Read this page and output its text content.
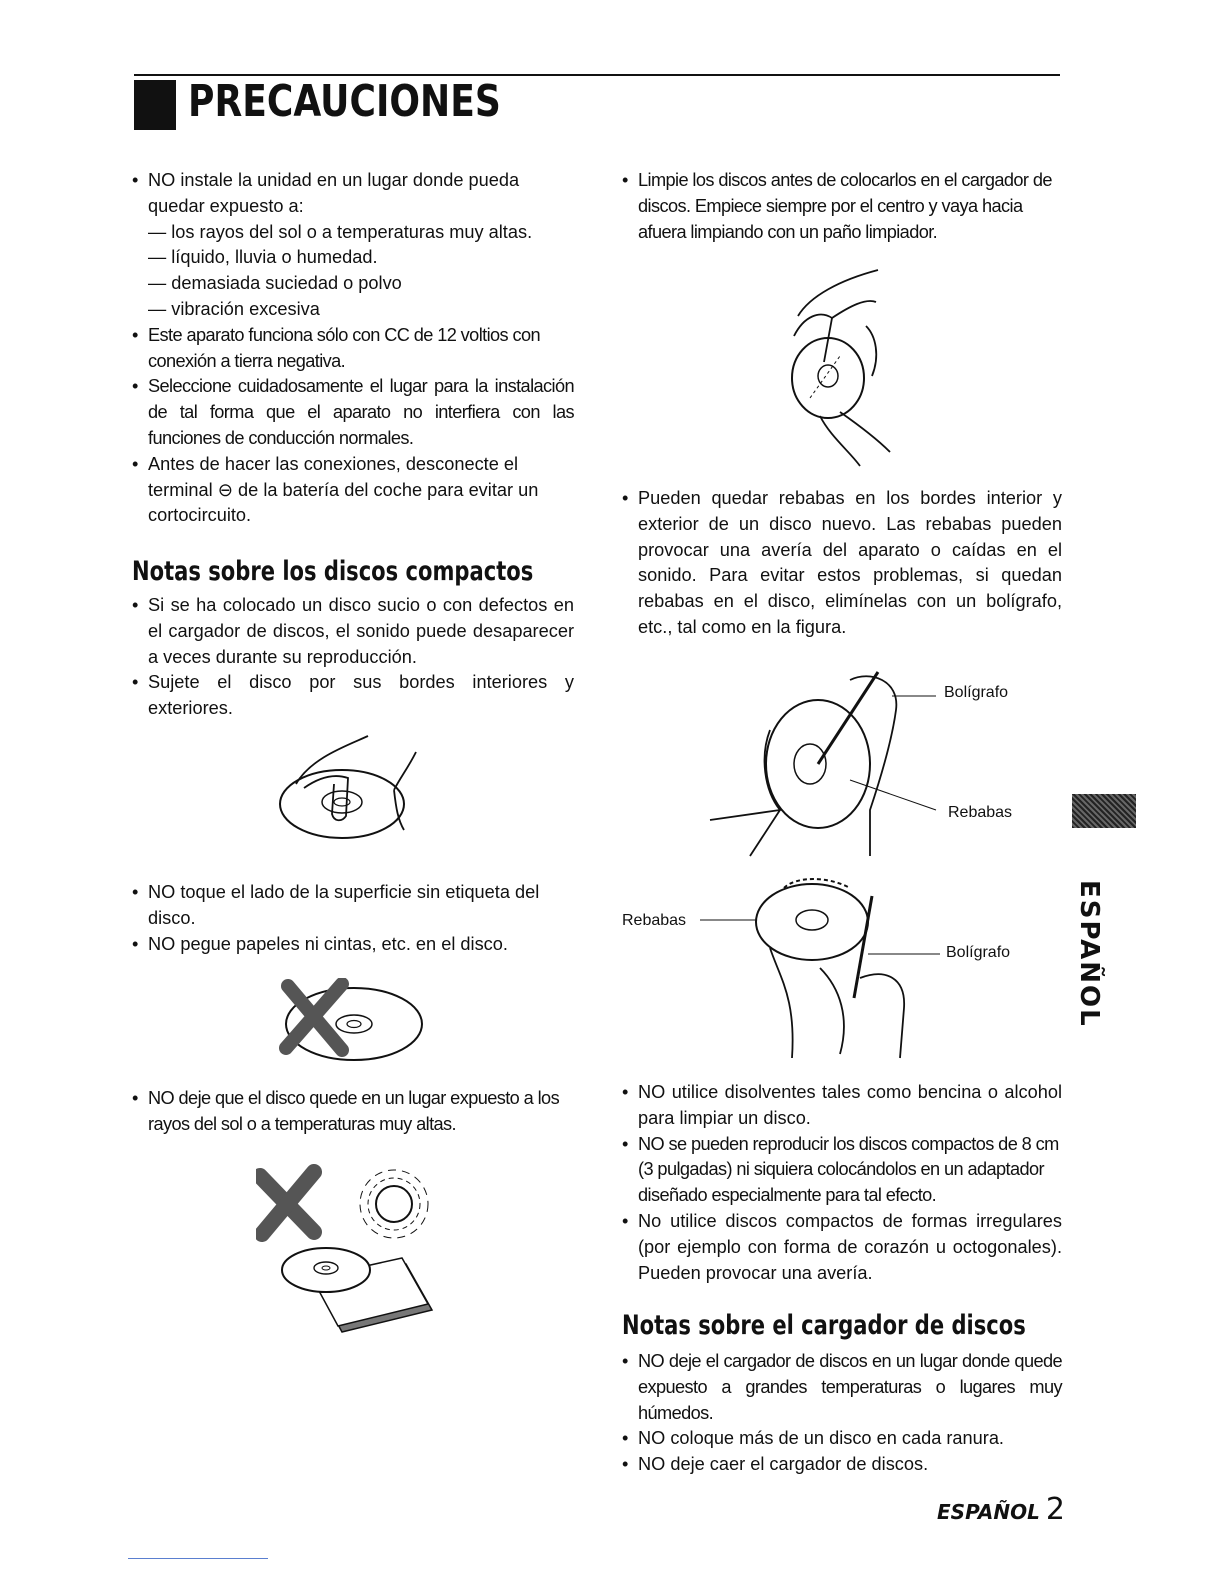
PRECAUCIONES
• NO instale la unidad en un lugar donde pueda quedar expuesto a:
— los rayos del sol o a temperaturas muy altas.
— líquido, lluvia o humedad.
— demasiada suciedad o polvo
— vibración excesiva
• Este aparato funciona sólo con CC de 12 voltios con conexión a tierra negativa.
• Seleccione cuidadosamente el lugar para la instalación de tal forma que el aparato no interfiera con las funciones de conducción normales.
• Antes de hacer las conexiones, desconecte el terminal ⊖ de la batería del coche para evitar un cortocircuito.
Notas sobre los discos compactos
• Si se ha colocado un disco sucio o con defectos en el cargador de discos, el sonido puede desaparecer a veces durante su reproducción.
• Sujete el disco por sus bordes interiores y exteriores.
• NO toque el lado de la superficie sin etiqueta del disco.
• NO pegue papeles ni cintas, etc. en el disco.
• NO deje que el disco quede en un lugar expuesto a los rayos del sol o a temperaturas muy altas.
• Limpie los discos antes de colocarlos en el cargador de discos. Empiece siempre por el centro y vaya hacia afuera limpiando con un paño limpiador.
• Pueden quedar rebabas en los bordes interior y exterior de un disco nuevo. Las rebabas pueden provocar una avería del aparato o caídas en el sonido. Para evitar estos problemas, si quedan rebabas en el disco, elimínelas con un bolígrafo, etc., tal como en la figura.
Bolígrafo
Rebabas
Rebabas
Bolígrafo
• NO utilice disolventes tales como bencina o alcohol para limpiar un disco.
• NO se pueden reproducir los discos compactos de 8 cm (3 pulgadas) ni siquiera colocándolos en un adaptador diseñado especialmente para tal efecto.
• No utilice discos compactos de formas irregulares (por ejemplo con forma de corazón u octogonales). Pueden provocar una avería.
Notas sobre el cargador de discos
• NO deje el cargador de discos en un lugar donde quede expuesto a grandes temperaturas o lugares muy húmedos.
• NO coloque más de un disco en cada ranura.
• NO deje caer el cargador de discos.
ESPAÑOL
ESPAÑOL 2
